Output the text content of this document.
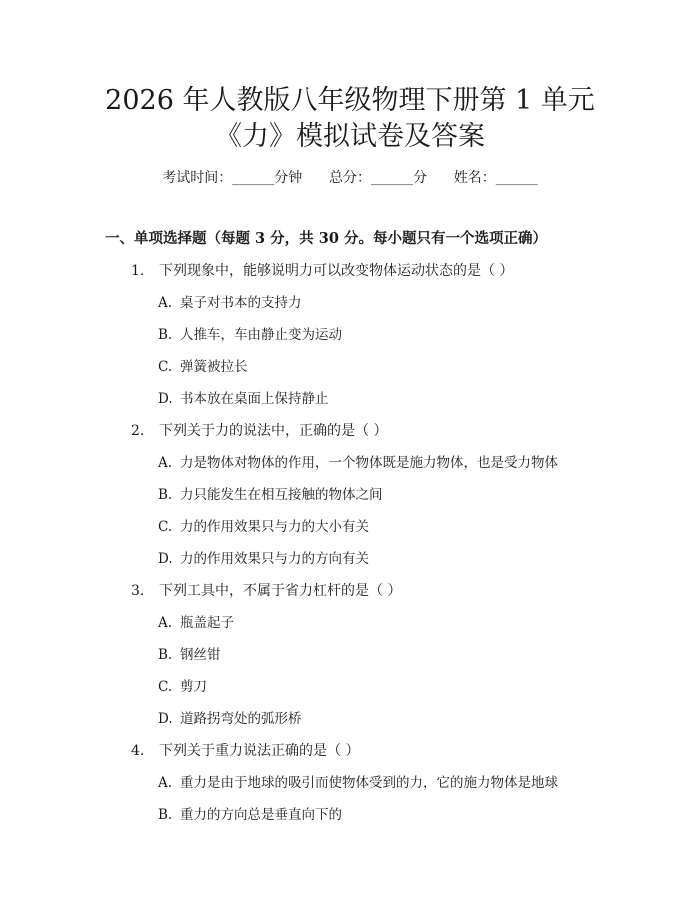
2026 年人教版八年级物理下册第 1 单元
《力》模拟试卷及答案
考试时间：______分钟 总分：______分 姓名：______
一、单项选择题（每题 3 分，共 30 分。每小题只有一个选项正确）
1. 下列现象中，能够说明力可以改变物体运动状态的是（ ）
A. 桌子对书本的支持力
B. 人推车，车由静止变为运动
C. 弹簧被拉长
D. 书本放在桌面上保持静止
2. 下列关于力的说法中，正确的是（ ）
A. 力是物体对物体的作用，一个物体既是施力物体，也是受力物体
B. 力只能发生在相互接触的物体之间
C. 力的作用效果只与力的大小有关
D. 力的作用效果只与力的方向有关
3. 下列工具中，不属于省力杠杆的是（ ）
A. 瓶盖起子
B. 钢丝钳
C. 剪刀
D. 道路拐弯处的弧形桥
4. 下列关于重力说法正确的是（ ）
A. 重力是由于地球的吸引而使物体受到的力，它的施力物体是地球
B. 重力的方向总是垂直向下的
